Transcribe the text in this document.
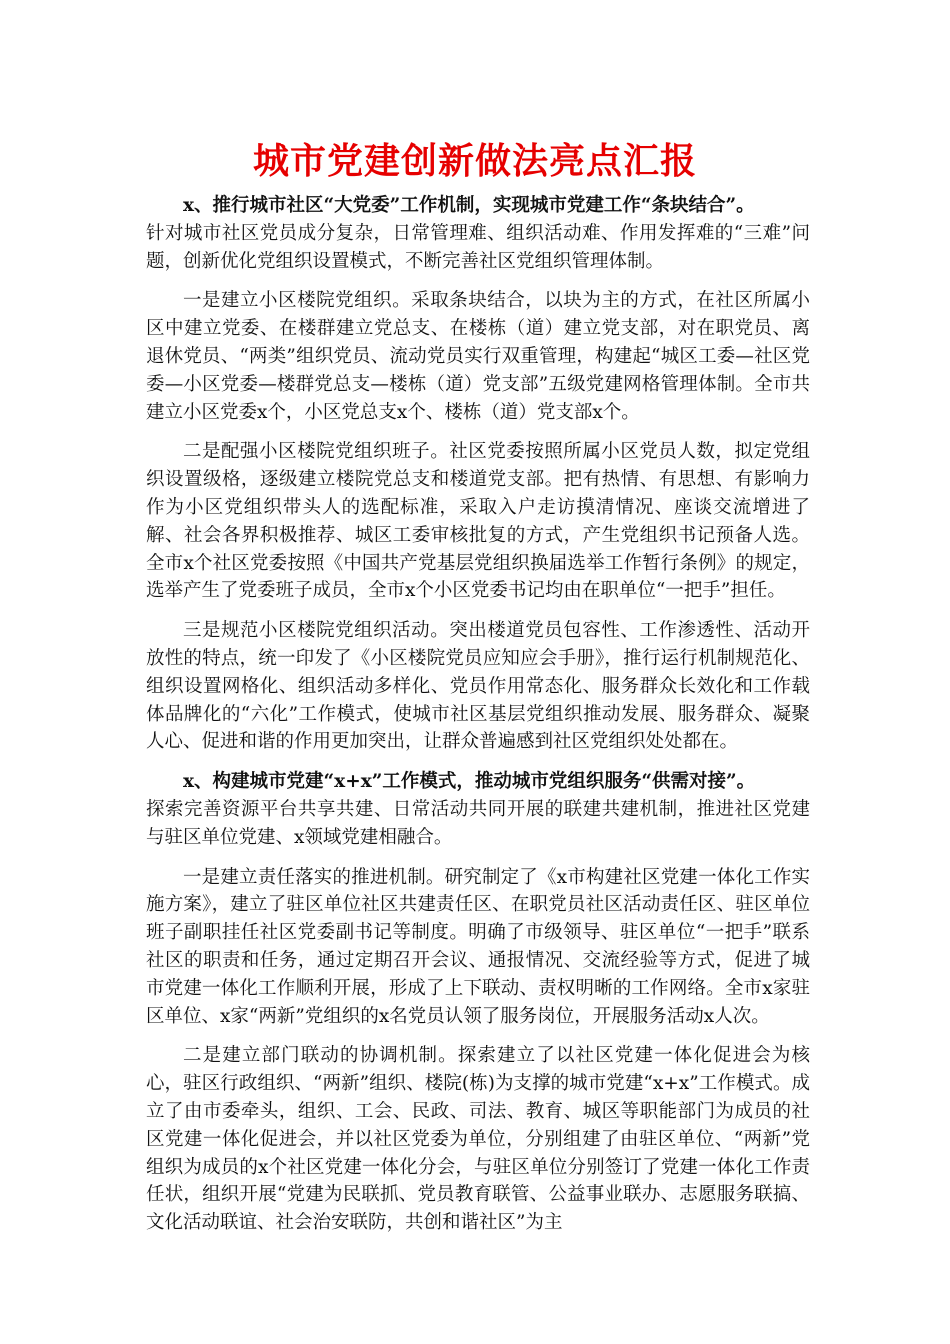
城市党建创新做法亮点汇报

x、推行城市社区“大党委”工作机制，实现城市党建工作“条块结合”。

针对城市社区党员成分复杂，日常管理难、组织活动难、作用发挥难的“三难”问题，创新优化党组织设置模式，不断完善社区党组织管理体制。

一是建立小区楼院党组织。采取条块结合，以块为主的方式，在社区所属小区中建立党委、在楼群建立党总支、在楼栋（道）建立党支部，对在职党员、离退休党员、“两类”组织党员、流动党员实行双重管理，构建起“城区工委—社区党委—小区党委—楼群党总支—楼栋（道）党支部”五级党建网格管理体制。全市共建立小区党委x个，小区党总支x个、楼栋（道）党支部x个。

二是配强小区楼院党组织班子。社区党委按照所属小区党员人数，拟定党组织设置级格，逐级建立楼院党总支和楼道党支部。把有热情、有思想、有影响力作为小区党组织带头人的选配标准，采取入户走访摸清情况、座谈交流增进了解、社会各界积极推荐、城区工委审核批复的方式，产生党组织书记预备人选。全市x个社区党委按照《中国共产党基层党组织换届选举工作暂行条例》的规定，选举产生了党委班子成员，全市x个小区党委书记均由在职单位“一把手”担任。

三是规范小区楼院党组织活动。突出楼道党员包容性、工作渗透性、活动开放性的特点，统一印发了《小区楼院党员应知应会手册》，推行运行机制规范化、组织设置网格化、组织活动多样化、党员作用常态化、服务群众长效化和工作载体品牌化的“六化”工作模式，使城市社区基层党组织推动发展、服务群众、凝聚人心、促进和谐的作用更加突出，让群众普遍感到社区党组织处处都在。

x、构建城市党建“x+x”工作模式，推动城市党组织服务“供需对接”。

探索完善资源平台共享共建、日常活动共同开展的联建共建机制，推进社区党建与驻区单位党建、x领域党建相融合。

一是建立责任落实的推进机制。研究制定了《x市构建社区党建一体化工作实施方案》，建立了驻区单位社区共建责任区、在职党员社区活动责任区、驻区单位班子副职挂任社区党委副书记等制度。明确了市级领导、驻区单位“一把手”联系社区的职责和任务，通过定期召开会议、通报情况、交流经验等方式，促进了城市党建一体化工作顺利开展，形成了上下联动、责权明晰的工作网络。全市x家驻区单位、x家“两新”党组织的x名党员认领了服务岗位，开展服务活动x人次。

二是建立部门联动的协调机制。探索建立了以社区党建一体化促进会为核心，驻区行政组织、“两新”组织、楼院(栋)为支撑的城市党建“x+x”工作模式。成立了由市委牵头，组织、工会、民政、司法、教育、城区等职能部门为成员的社区党建一体化促进会，并以社区党委为单位，分别组建了由驻区单位、“两新”党组织为成员的x个社区党建一体化分会，与驻区单位分别签订了党建一体化工作责任状，组织开展“党建为民联抓、党员教育联管、公益事业联办、志愿服务联搞、文化活动联谊、社会治安联防，共创和谐社区”为主
